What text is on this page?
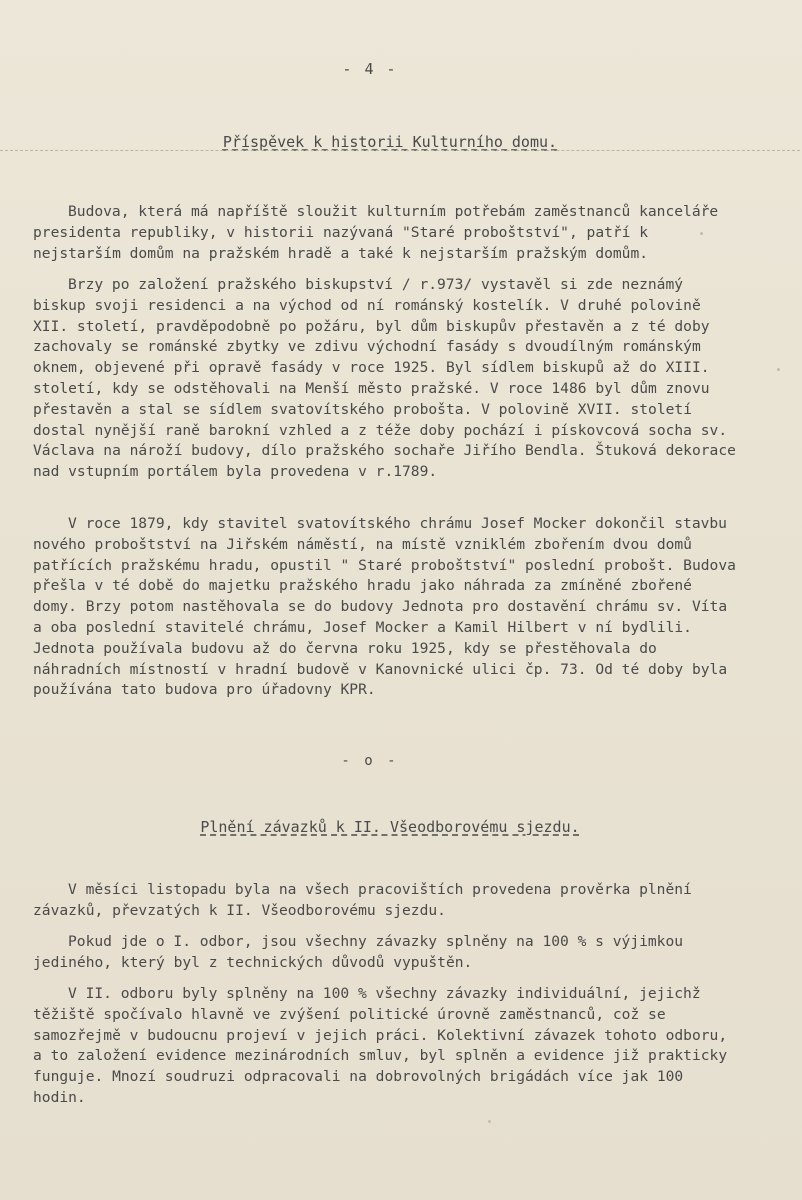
- 4 -
Příspěvek k historii Kulturního domu.

Budova, která má napříště sloužit kulturním potřebám zaměstnanců kanceláře presidenta republiky, v historii nazývaná "Staré proboštství", patří k nejstarším domům na pražském hradě a také k nejstarším pražským domům.

Brzy po založení pražského biskupství / r.973/ vystavěl si zde neznámý biskup svoji residenci a na východ od ní románský kostelík. V druhé polovině XII. století, pravděpodobně po požáru, byl dům biskupův přestavěn a z té doby zachovaly se románské zbytky ve zdivu východní fasády s dvoudílným románským oknem, objevené při opravě fasády v roce 1925. Byl sídlem biskupů až do XIII. století, kdy se odstěhovali na Menší město pražské. V roce 1486 byl dům znovu přestavěn a stal se sídlem svatovítského probošta. V polovině XVII. století dostal nynější raně barokní vzhled a z téže doby pochází i pískovcová socha sv. Václava na nároží budovy, dílo pražského sochaře Jiřího Bendla. Štuková dekorace nad vstupním portálem byla provedena v r.1789.

V roce 1879, kdy stavitel svatovítského chrámu Josef Mocker dokončil stavbu nového proboštství na Jiřském náměstí, na místě vzniklém zbořením dvou domů patřících pražskému hradu, opustil " Staré proboštství" poslední probošt. Budova přešla v té době do majetku pražského hradu jako náhrada za zmíněné zbořené domy. Brzy potom nastěhovala se do budovy Jednota pro dostavění chrámu sv. Víta a oba poslední stavitelé chrámu, Josef Mocker a Kamil Hilbert v ní bydlili. Jednota používala budovu až do června roku 1925, kdy se přestěhovala do náhradních místností v hradní budově v Kanovnické ulici čp. 73. Od té doby byla používána tato budova pro úřadovny KPR.

- o -
Plnění závazků k II. Všeodborovému sjezdu.

V měsíci listopadu byla na všech pracovištích provedena prověrka plnění závazků, převzatých k II. Všeodborovému sjezdu.

Pokud jde o I. odbor, jsou všechny závazky splněny na 100 % s výjimkou jediného, který byl z technických důvodů vypuštěn.

V II. odboru byly splněny na 100 % všechny závazky individuální, jejichž těžiště spočívalo hlavně ve zvýšení politické úrovně zaměstnanců, což se samozřejmě v budoucnu projeví v jejich práci. Kolektivní závazek tohoto odboru, a to založení evidence mezinárodních smluv, byl splněn a evidence již prakticky funguje. Mnozí soudruzi odpracovali na dobrovolných brigádách více jak 100 hodin.
